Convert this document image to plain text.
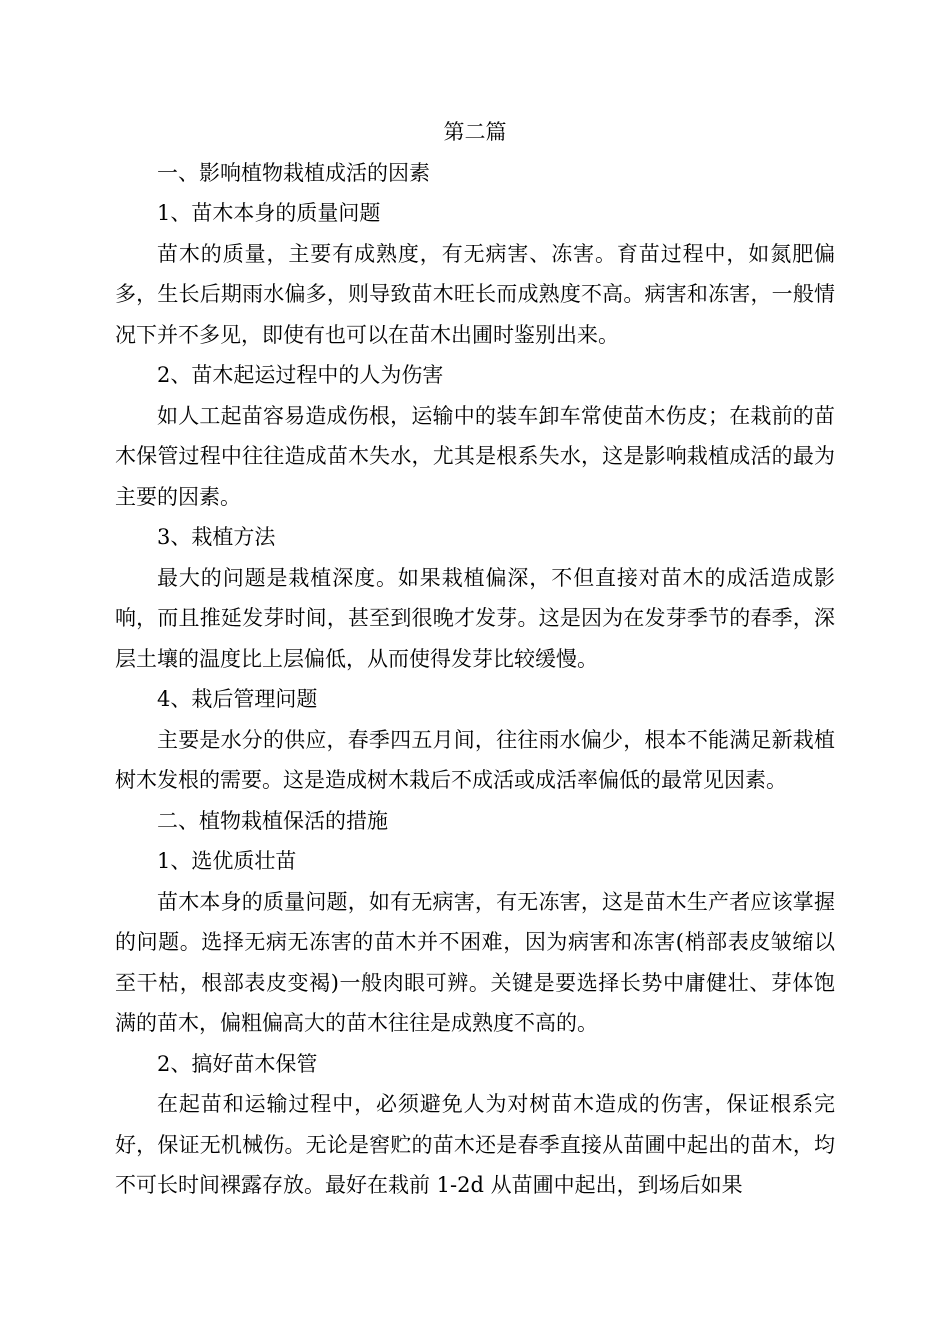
第二篇

一、影响植物栽植成活的因素

1、苗木本身的质量问题

苗木的质量，主要有成熟度，有无病害、冻害。育苗过程中，如氮肥偏多，生长后期雨水偏多，则导致苗木旺长而成熟度不高。病害和冻害，一般情况下并不多见，即使有也可以在苗木出圃时鉴别出来。

2、苗木起运过程中的人为伤害

如人工起苗容易造成伤根，运输中的装车卸车常使苗木伤皮；在栽前的苗木保管过程中往往造成苗木失水，尤其是根系失水，这是影响栽植成活的最为主要的因素。

3、栽植方法

最大的问题是栽植深度。如果栽植偏深，不但直接对苗木的成活造成影响，而且推延发芽时间，甚至到很晚才发芽。这是因为在发芽季节的春季，深层土壤的温度比上层偏低，从而使得发芽比较缓慢。

4、栽后管理问题

主要是水分的供应，春季四五月间，往往雨水偏少，根本不能满足新栽植树木发根的需要。这是造成树木栽后不成活或成活率偏低的最常见因素。

二、植物栽植保活的措施

1、选优质壮苗

苗木本身的质量问题，如有无病害，有无冻害，这是苗木生产者应该掌握的问题。选择无病无冻害的苗木并不困难，因为病害和冻害(梢部表皮皱缩以至干枯，根部表皮变褐)一般肉眼可辨。关键是要选择长势中庸健壮、芽体饱满的苗木，偏粗偏高大的苗木往往是成熟度不高的。

2、搞好苗木保管

在起苗和运输过程中，必须避免人为对树苗木造成的伤害，保证根系完好，保证无机械伤。无论是窖贮的苗木还是春季直接从苗圃中起出的苗木，均不可长时间裸露存放。最好在栽前 1-2d 从苗圃中起出，到场后如果
